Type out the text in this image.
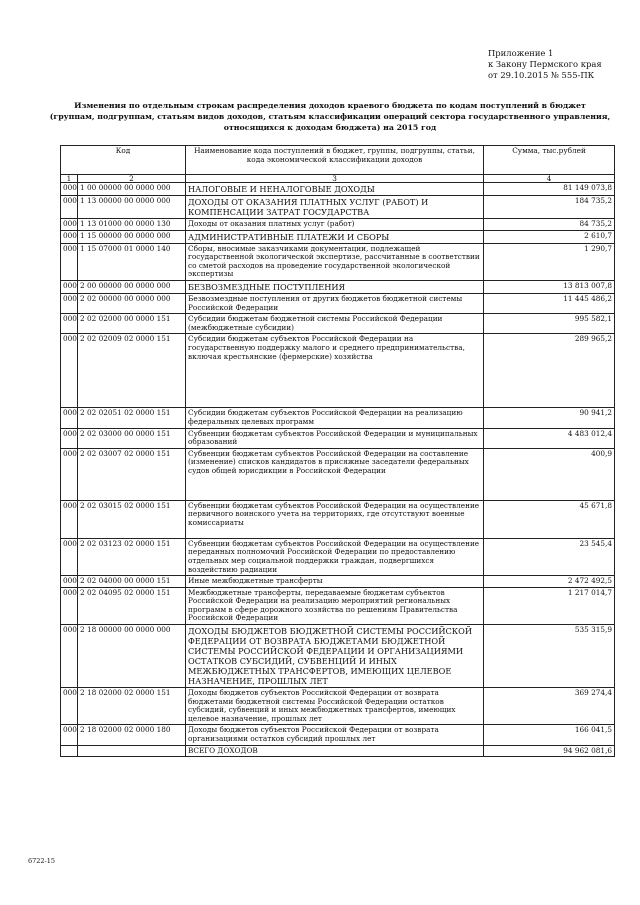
Приложение 1
к Закону Пермского края
от 29.10.2015 № 555-ПК
Изменения по отдельным строкам распределения доходов краевого бюджета по кодам поступлений в бюджет
(группам, подгруппам, статьям видов доходов, статьям классификации операций сектора государственного управления,
относящихся к доходам бюджета) на 2015 год
Код		Наименование кода поступлений в бюджет, группы, подгруппы, статьи, кода экономической классификации доходов	Сумма, тыс.рублей
1	2	3	4
000	1 00 00000 00 0000 000	НАЛОГОВЫЕ И НЕНАЛОГОВЫЕ ДОХОДЫ	81 149 073,8
000	1 13 00000 00 0000 000	ДОХОДЫ ОТ ОКАЗАНИЯ ПЛАТНЫХ УСЛУГ (РАБОТ) И КОМПЕНСАЦИИ ЗАТРАТ ГОСУДАРСТВА	184 735,2
000	1 13 01000 00 0000 130	Доходы от оказания платных услуг (работ)	84 735,2
000	1 15 00000 00 0000 000	АДМИНИСТРАТИВНЫЕ ПЛАТЕЖИ И СБОРЫ	2 610,7
000	1 15 07000 01 0000 140	Сборы, вносимые заказчиками документации, подлежащей государственной экологической экспертизе, рассчитанные в соответствии со сметой расходов на проведение государственной экологической экспертизы	1 290,7
000	2 00 00000 00 0000 000	БЕЗВОЗМЕЗДНЫЕ ПОСТУПЛЕНИЯ	13 813 007,8
000	2 02 00000 00 0000 000	Безвозмездные поступления от других бюджетов бюджетной системы Российской Федерации	11 445 486,2
000	2 02 02000 00 0000 151	Субсидии бюджетам бюджетной системы Российской Федерации (межбюджетные субсидии)	995 582,1
000	2 02 02009 02 0000 151	Субсидии бюджетам субъектов Российской Федерации на государственную поддержку малого и среднего предпринимательства, включая крестьянские (фермерские) хозяйства	289 965,2
000	2 02 02051 02 0000 151	Субсидии бюджетам субъектов Российской Федерации на реализацию федеральных целевых программ	90 941,2
000	2 02 03000 00 0000 151	Субвенции бюджетам субъектов Российской Федерации и муниципальных образований	4 483 012,4
000	2 02 03007 02 0000 151	Субвенции бюджетам субъектов Российской Федерации на составление (изменение) списков кандидатов в присяжные заседатели федеральных судов общей юрисдикции в Российской Федерации	400,9
000	2 02 03015 02 0000 151	Субвенции бюджетам субъектов Российской Федерации на осуществление первичного воинского учета на территориях, где отсутствуют военные комиссариаты	45 671,8
000	2 02 03123 02 0000 151	Субвенции бюджетам субъектов Российской Федерации на осуществление переданных полномочий Российской Федерации по предоставлению отдельных мер социальной поддержки граждан, подвергшихся воздействию радиации	23 545,4
000	2 02 04000 00 0000 151	Иные межбюджетные трансферты	2 472 492,5
000	2 02 04095 02 0000 151	Межбюджетные трансферты, передаваемые бюджетам субъектов Российской Федерации на реализацию мероприятий региональных программ в сфере дорожного хозяйства по решениям Правительства Российской Федерации	1 217 014,7
000	2 18 00000 00 0000 000	ДОХОДЫ БЮДЖЕТОВ БЮДЖЕТНОЙ СИСТЕМЫ РОССИЙСКОЙ ФЕДЕРАЦИИ ОТ ВОЗВРАТА БЮДЖЕТАМИ БЮДЖЕТНОЙ СИСТЕМЫ РОССИЙСКОЙ ФЕДЕРАЦИИ И ОРГАНИЗАЦИЯМИ ОСТАТКОВ СУБСИДИЙ, СУБВЕНЦИЙ И ИНЫХ МЕЖБЮДЖЕТНЫХ ТРАНСФЕРТОВ, ИМЕЮЩИХ ЦЕЛЕВОЕ НАЗНАЧЕНИЕ, ПРОШЛЫХ ЛЕТ	535 315,9
000	2 18 02000 02 0000 151	Доходы бюджетов субъектов Российской Федерации от возврата бюджетами бюджетной системы Российской Федерации остатков субсидий, субвенций и иных межбюджетных трансфертов, имеющих целевое назначение, прошлых лет	369 274,4
000	2 18 02000 02 0000 180	Доходы бюджетов субъектов Российской Федерации от возврата организациями остатков субсидий прошлых лет	166 041,5
		ВСЕГО ДОХОДОВ	94 962 081,6
6722-15
